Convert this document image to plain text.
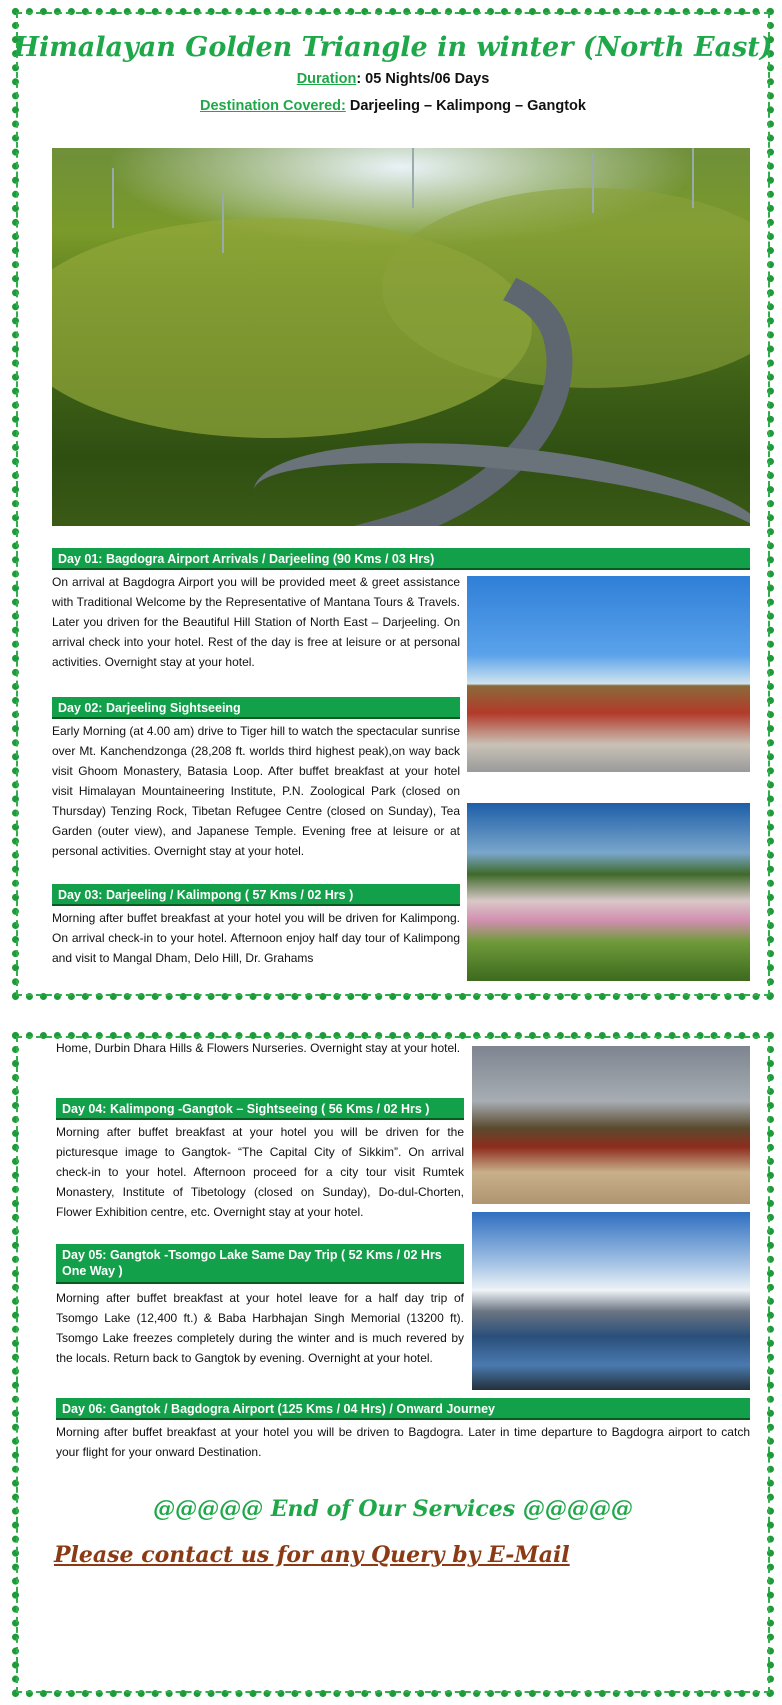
Himalayan Golden Triangle in winter (North East)
Duration: 05 Nights/06 Days
Destination Covered: Darjeeling – Kalimpong – Gangtok
Day 01: Bagdogra Airport Arrivals / Darjeeling (90 Kms / 03 Hrs)
On arrival at Bagdogra Airport you will be provided meet & greet assistance with Traditional Welcome by the Representative of Mantana Tours & Travels. Later you driven for the Beautiful Hill Station of North East – Darjeeling. On arrival check into your hotel. Rest of the day is free at leisure or at personal activities. Overnight stay at your hotel.
Day 02: Darjeeling Sightseeing
Early Morning (at 4.00 am) drive to Tiger hill to watch the spectacular sunrise over Mt. Kanchendzonga (28,208 ft. worlds third highest peak),on way back visit Ghoom Monastery, Batasia Loop. After buffet breakfast at your hotel visit Himalayan Mountaineering Institute, P.N. Zoological Park (closed on Thursday) Tenzing Rock, Tibetan Refugee Centre (closed on Sunday), Tea Garden (outer view), and Japanese Temple. Evening free at leisure or at personal activities. Overnight stay at your hotel.
Day 03: Darjeeling / Kalimpong ( 57 Kms / 02 Hrs )
Morning after buffet breakfast at your hotel you will be driven for Kalimpong. On arrival check-in to your hotel. Afternoon enjoy half day tour of Kalimpong and visit to Mangal Dham, Delo Hill, Dr. Grahams
Home, Durbin Dhara Hills & Flowers Nurseries. Overnight stay at your hotel.
Day 04: Kalimpong -Gangtok – Sightseeing ( 56 Kms / 02 Hrs )
Morning after buffet breakfast at your hotel you will be driven for the picturesque image to Gangtok- “The Capital City of Sikkim”. On arrival check-in to your hotel. Afternoon proceed for a city tour visit Rumtek Monastery, Institute of Tibetology (closed on Sunday), Do-dul-Chorten, Flower Exhibition centre, etc. Overnight stay at your hotel.
Day 05: Gangtok -Tsomgo Lake Same Day Trip ( 52 Kms / 02 Hrs One Way )
Morning after buffet breakfast at your hotel leave for a half day trip of Tsomgo Lake (12,400 ft.) & Baba Harbhajan Singh Memorial (13200 ft). Tsomgo Lake freezes completely during the winter and is much revered by the locals. Return back to Gangtok by evening. Overnight at your hotel.
Day 06: Gangtok / Bagdogra Airport (125 Kms / 04 Hrs) / Onward Journey
Morning after buffet breakfast at your hotel you will be driven to Bagdogra. Later in time departure to Bagdogra airport to catch your flight for your onward Destination.
@@@@@ End of Our Services @@@@@
Please contact us for any Query by E-Mail
